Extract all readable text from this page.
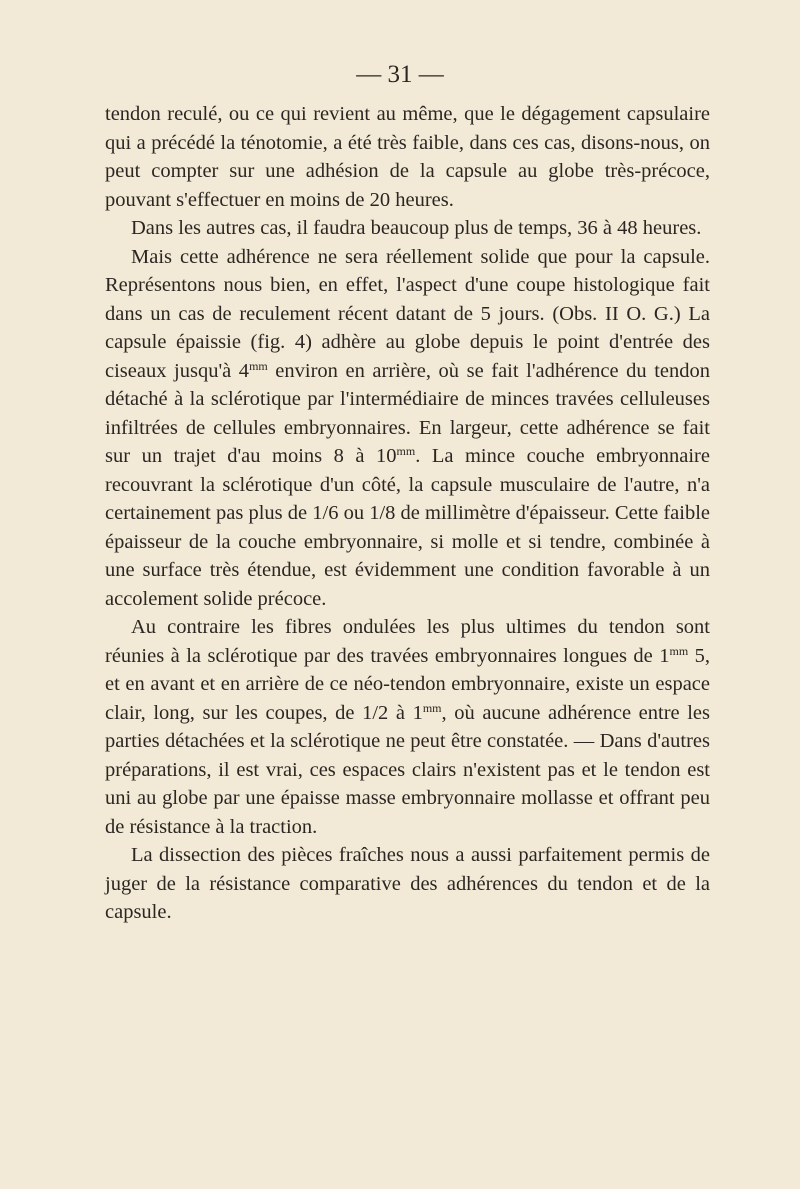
— 31 —

tendon reculé, ou ce qui revient au même, que le dégagement capsulaire qui a précédé la ténotomie, a été très faible, dans ces cas, disons-nous, on peut compter sur une adhésion de la capsule au globe très-précoce, pouvant s'effectuer en moins de 20 heures.

Dans les autres cas, il faudra beaucoup plus de temps, 36 à 48 heures.

Mais cette adhérence ne sera réellement solide que pour la capsule. Représentons nous bien, en effet, l'aspect d'une coupe histologique fait dans un cas de reculement récent datant de 5 jours. (Obs. II O. G.) La capsule épaissie (fig. 4) adhère au globe depuis le point d'entrée des ciseaux jusqu'à $4^{mm}$ environ en arrière, où se fait l'adhérence du tendon détaché à la sclérotique par l'intermédiaire de minces travées celluleuses infiltrées de cellules embryonnaires. En largeur, cette adhérence se fait sur un trajet d'au moins 8 à $10^{mm}$. La mince couche embryonnaire recouvrant la sclérotique d'un côté, la capsule musculaire de l'autre, n'a certainement pas plus de 1/6 ou 1/8 de millimètre d'épaisseur. Cette faible épaisseur de la couche embryonnaire, si molle et si tendre, combinée à une surface très étendue, est évidemment une condition favorable à un accolement solide précoce.

Au contraire les fibres ondulées les plus ultimes du tendon sont réunies à la sclérotique par des travées embryonnaires longues de $1^{mm}$ 5, et en avant et en arrière de ce néo-tendon embryonnaire, existe un espace clair, long, sur les coupes, de 1/2 à $1^{mm}$, où aucune adhérence entre les parties détachées et la sclérotique ne peut être constatée. — Dans d'autres préparations, il est vrai, ces espaces clairs n'existent pas et le tendon est uni au globe par une épaisse masse embryonnaire mollasse et offrant peu de résistance à la traction.

La dissection des pièces fraîches nous a aussi parfaitement permis de juger de la résistance comparative des adhérences du tendon et de la capsule.
